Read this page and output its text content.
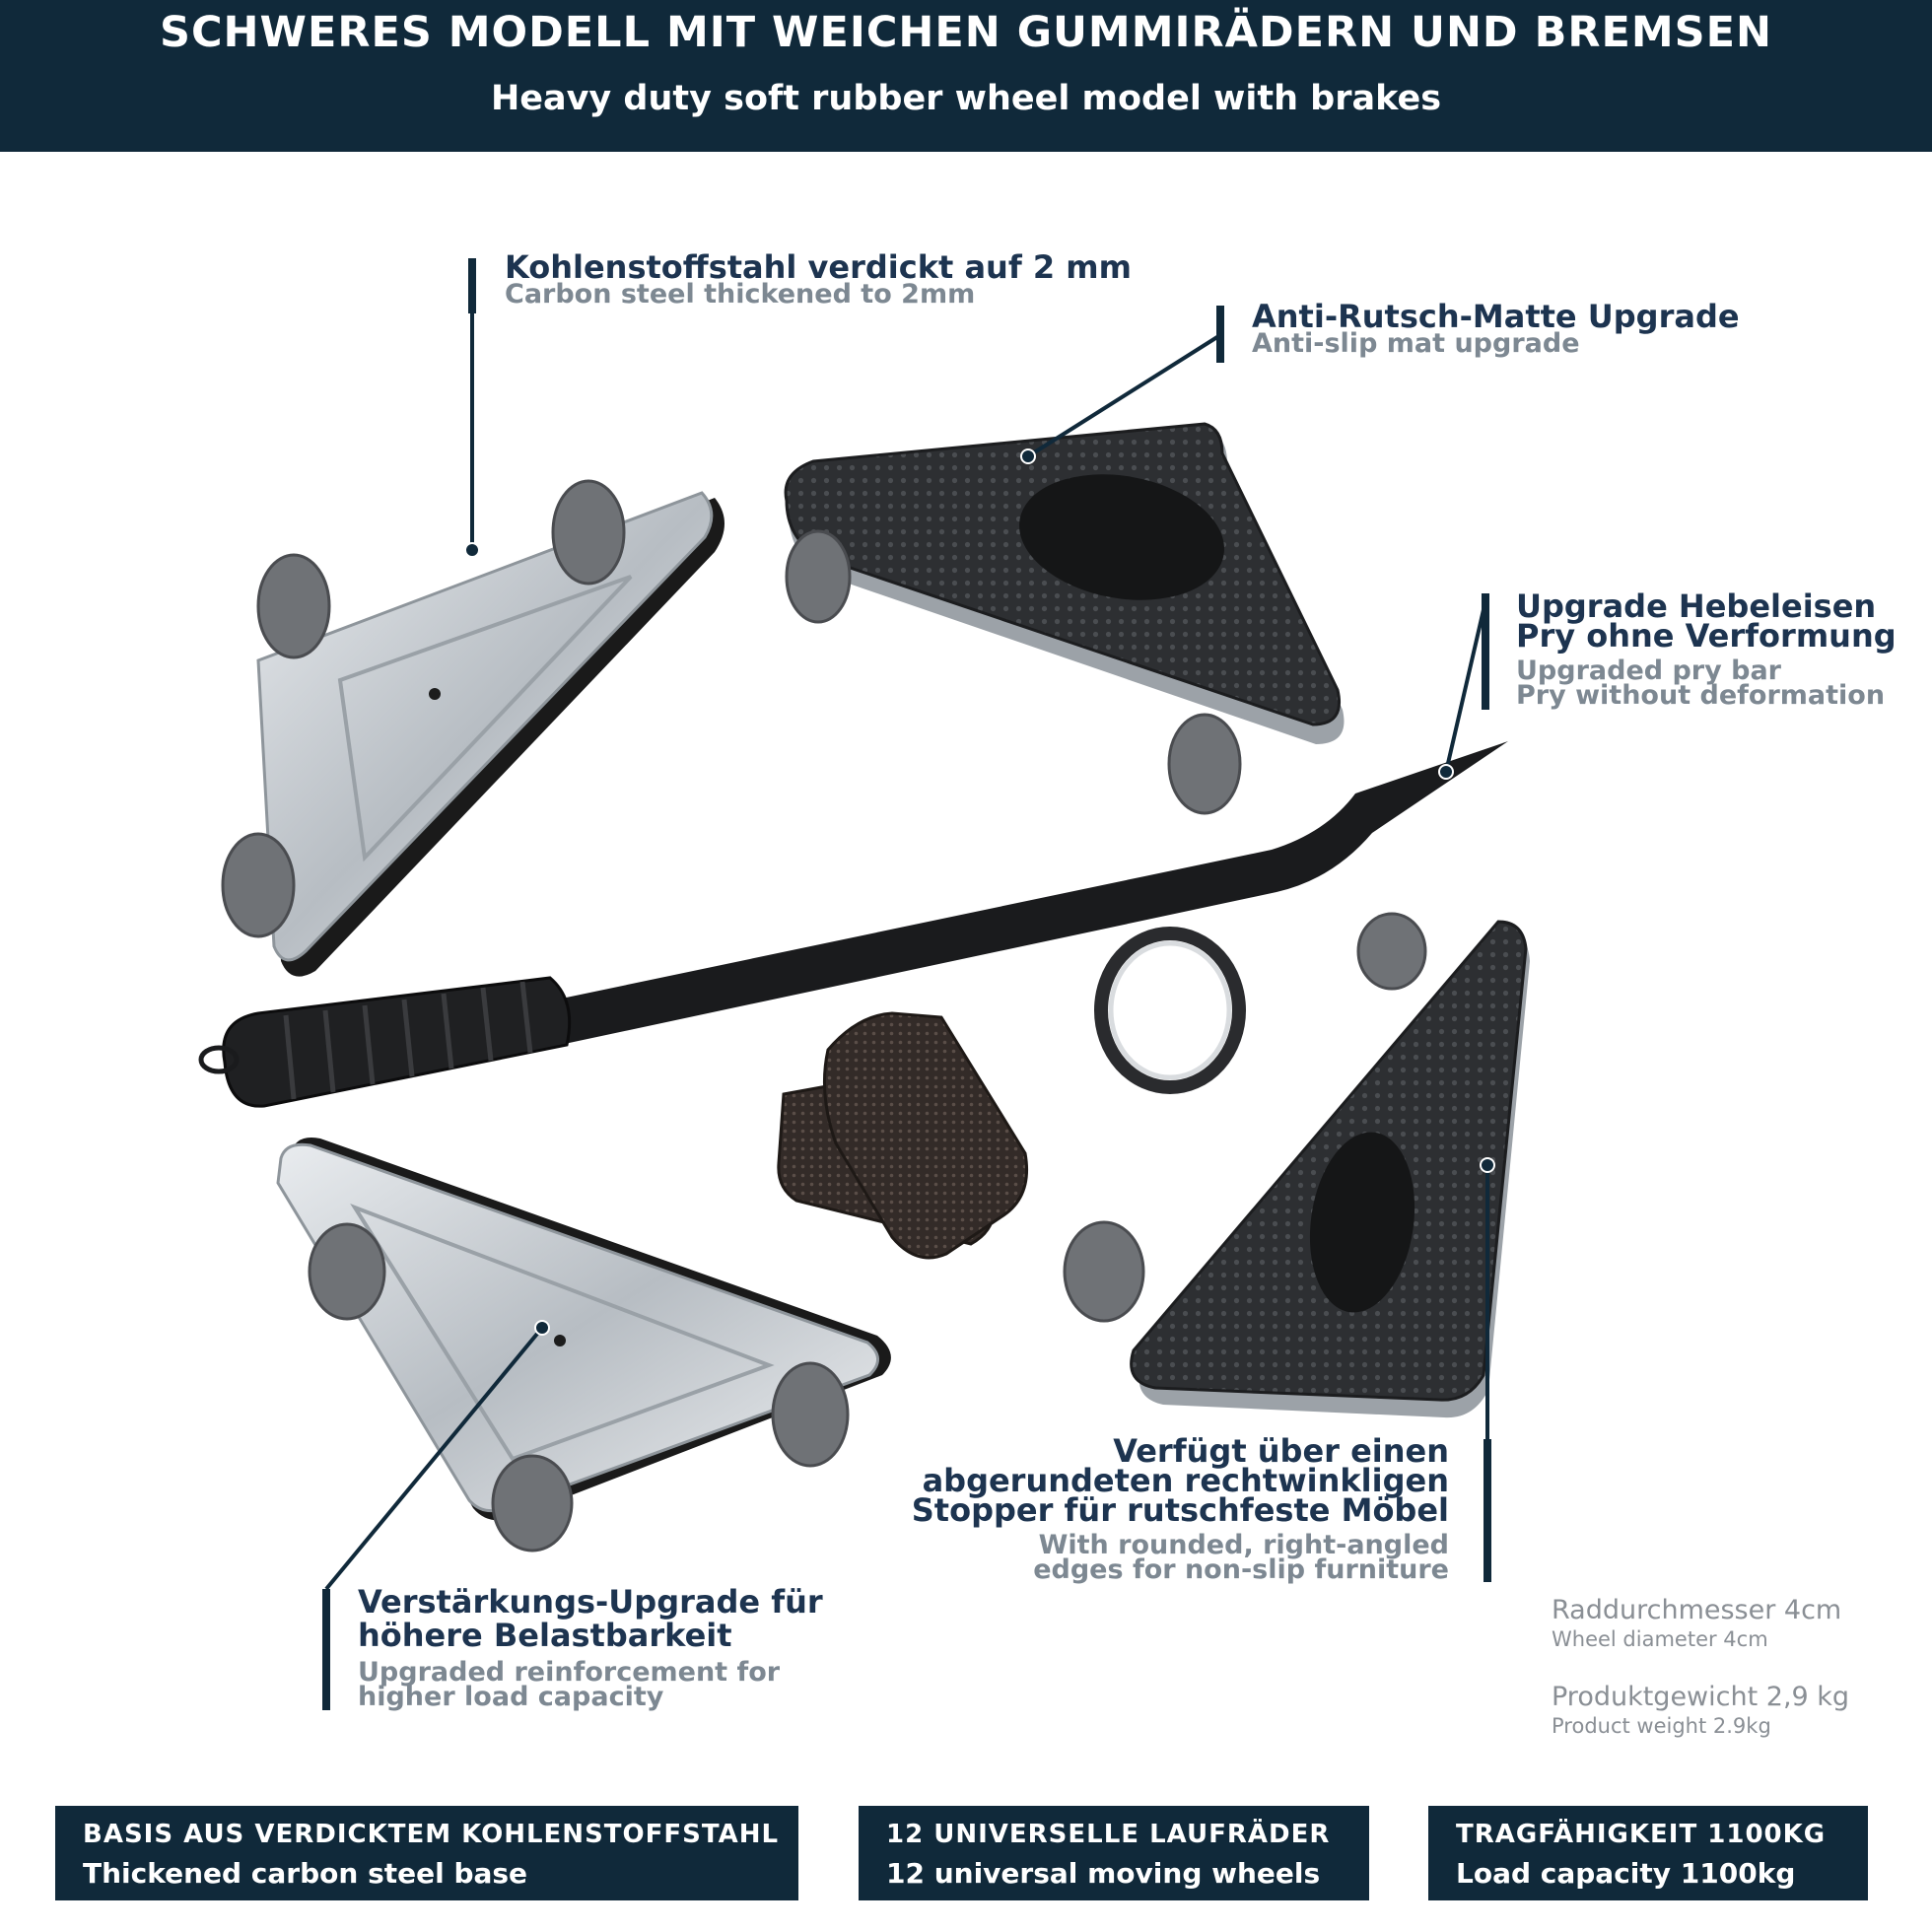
SCHWERES MODELL MIT WEICHEN GUMMIRÄDERN UND BREMSEN
Heavy duty soft rubber wheel model with brakes
Kohlenstoffstahl verdickt auf 2 mm
Carbon steel thickened to 2mm
Anti-Rutsch-Matte Upgrade
Anti-slip mat upgrade
Upgrade Hebeleisen
Pry ohne Verformung
Upgraded pry bar
Pry without deformation
Verfügt über einen
abgerundeten rechtwinkligen
Stopper für rutschfeste Möbel
With rounded, right-angled
edges for non-slip furniture
Verstärkungs-Upgrade für
höhere Belastbarkeit
Upgraded reinforcement for
higher load capacity
Raddurchmesser 4cm
Wheel diameter 4cm
Produktgewicht 2,9 kg
Product weight 2.9kg
BASIS AUS VERDICKTEM KOHLENSTOFFSTAHL
Thickened carbon steel base
12 UNIVERSELLE LAUFRÄDER
12 universal moving wheels
TRAGFÄHIGKEIT 1100KG
Load capacity 1100kg
